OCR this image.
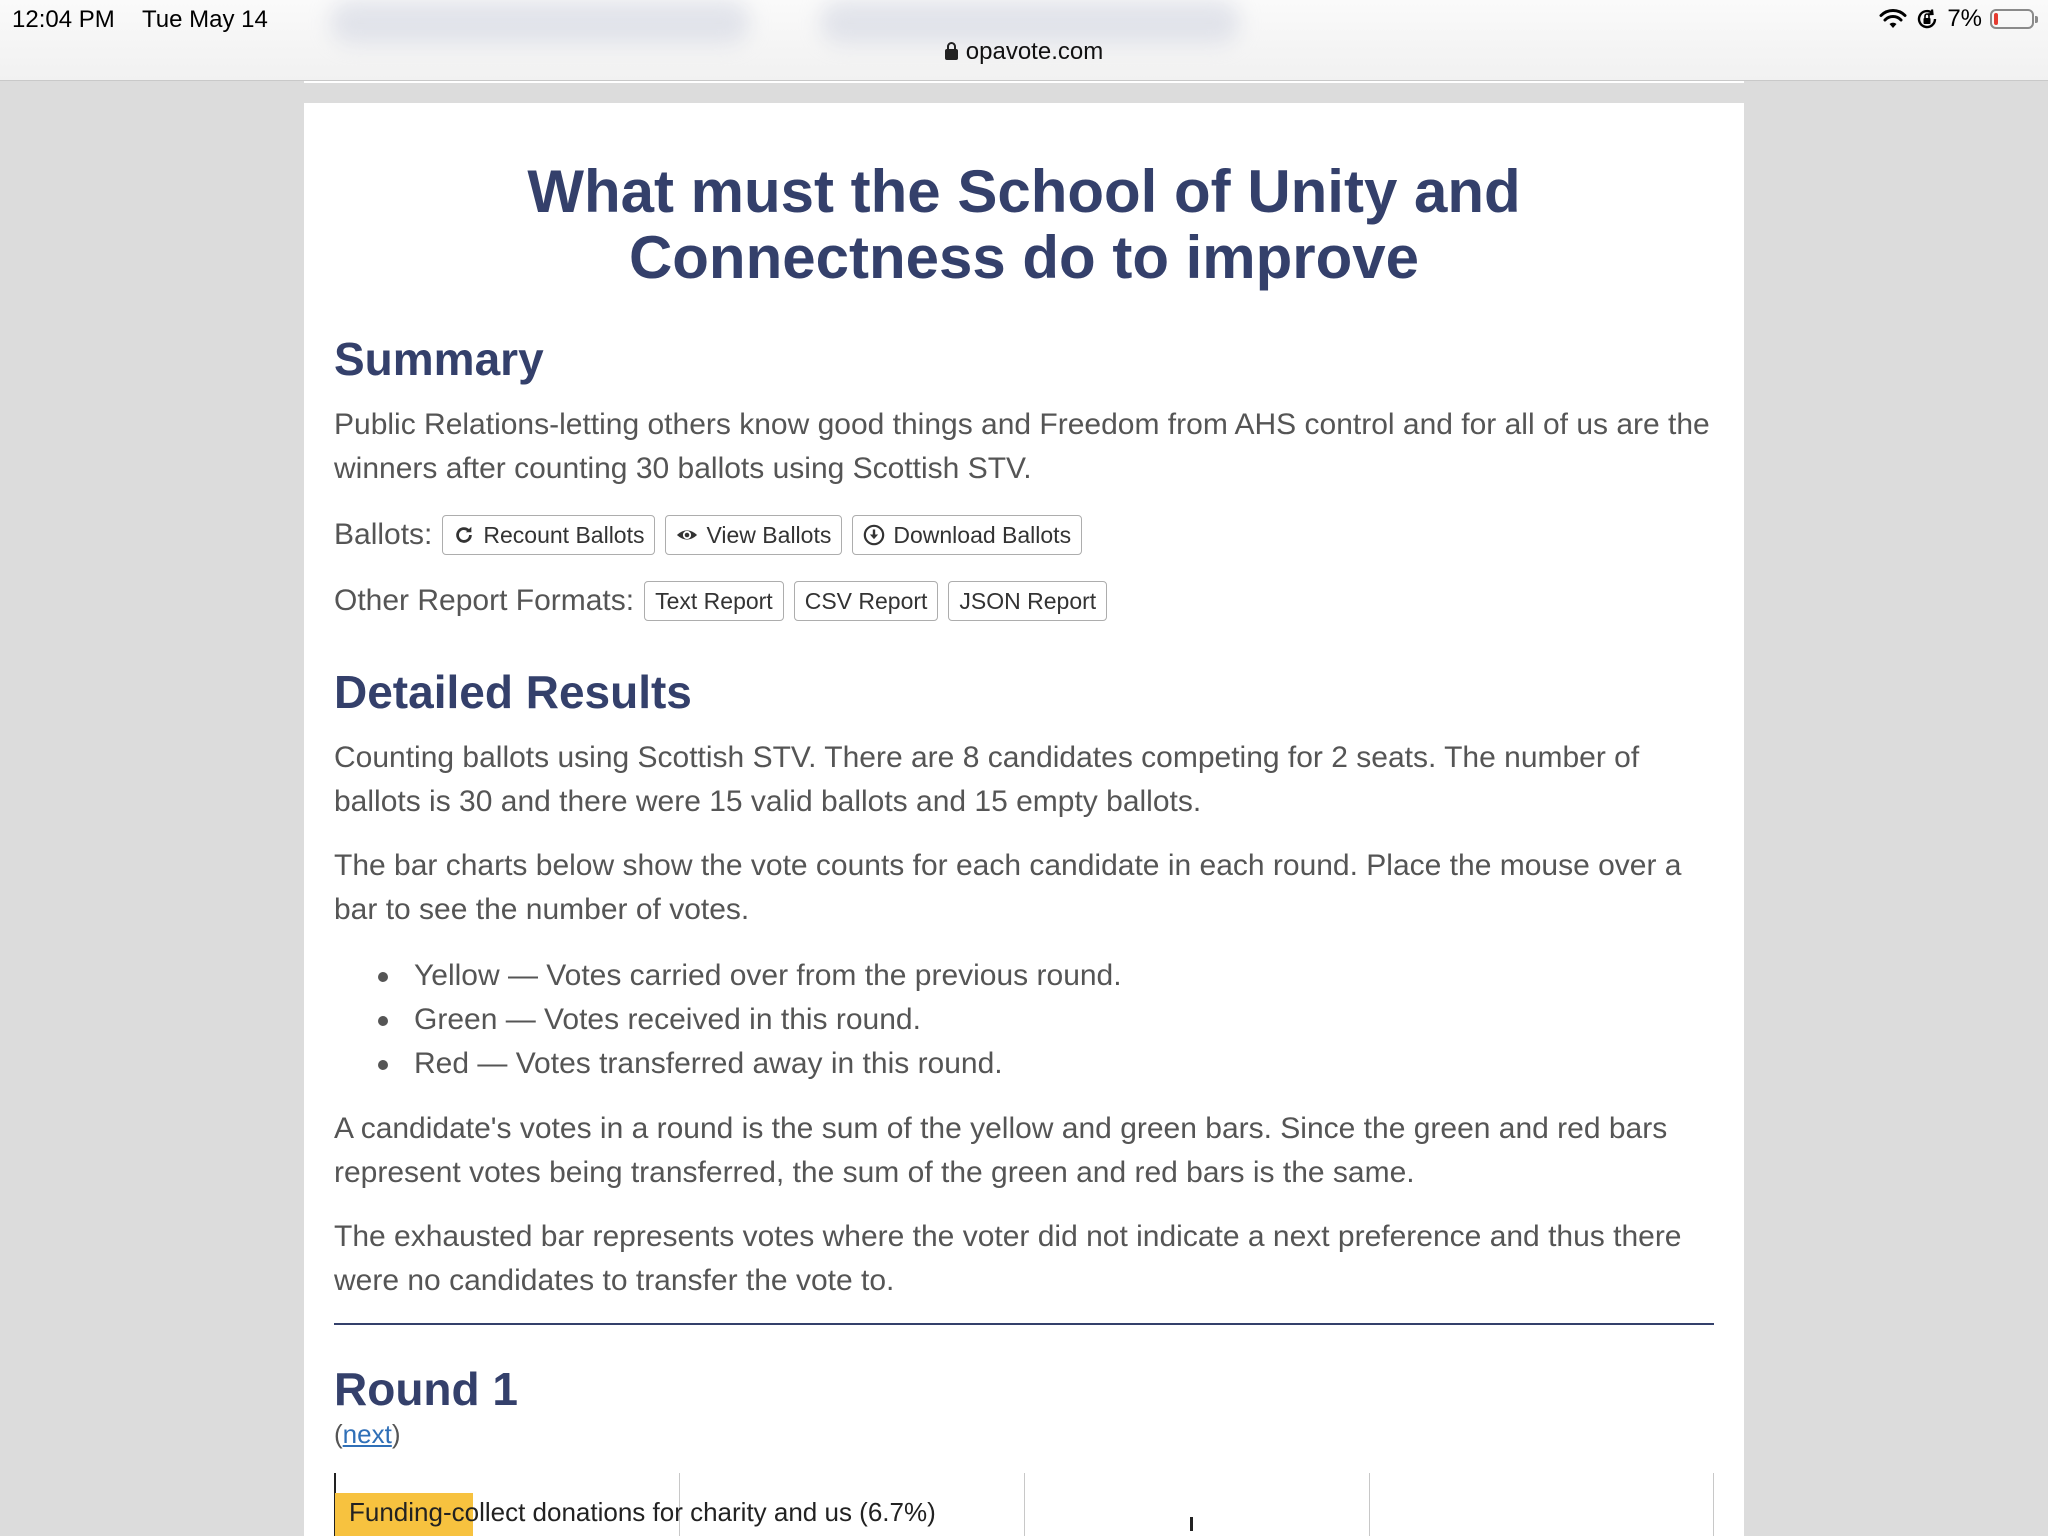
12:04 PM Tue May 14	7%
opavote.com
What must the School of Unity and Connectness do to improve
Summary

Public Relations-letting others know good things and Freedom from AHS control and for all of us are the winners after counting 30 ballots using Scottish STV.

Ballots: Recount Ballots	View Ballots	Download Ballots
Other Report Formats: Text Report	CSV Report	JSON Report
Detailed Results

Counting ballots using Scottish STV. There are 8 candidates competing for 2 seats. The number of ballots is 30 and there were 15 valid ballots and 15 empty ballots.

The bar charts below show the vote counts for each candidate in each round. Place the mouse over a bar to see the number of votes.

Yellow — Votes carried over from the previous round.
Green — Votes received in this round.
Red — Votes transferred away in this round.

A candidate's votes in a round is the sum of the yellow and green bars. Since the green and red bars represent votes being transferred, the sum of the green and red bars is the same.

The exhausted bar represents votes where the voter did not indicate a next preference and thus there were no candidates to transfer the vote to.

Round 1
(next)
Funding-collect donations for charity and us (6.7%)
